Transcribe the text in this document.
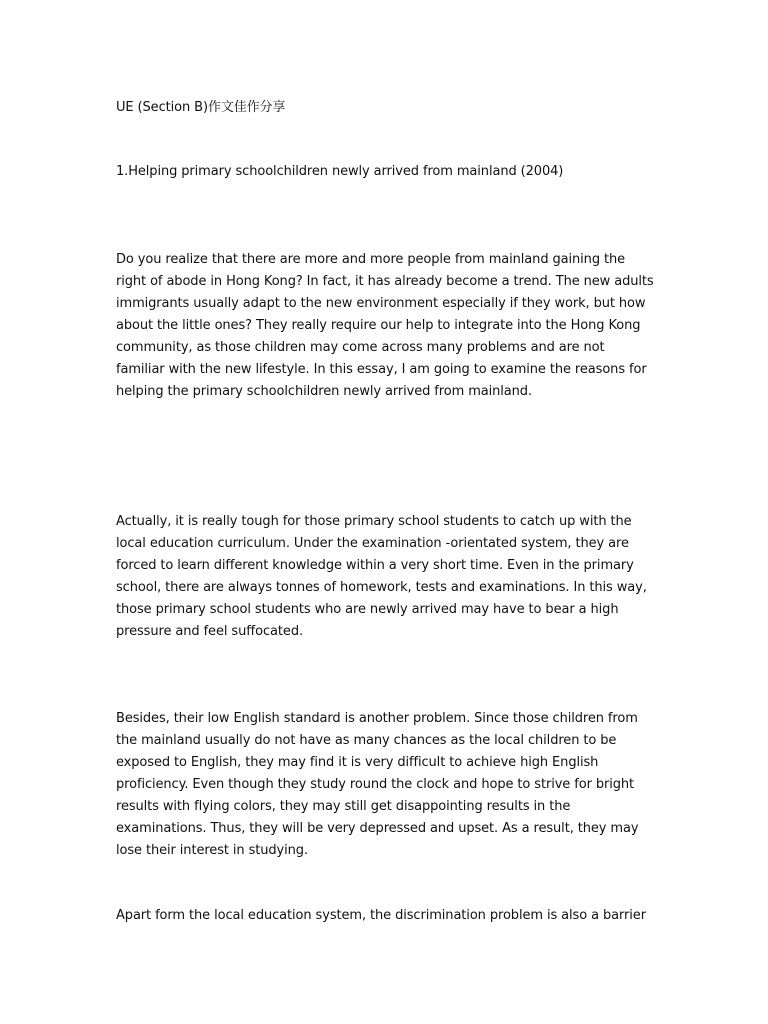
UE (Section B)作文佳作分享

1.Helping primary schoolchildren newly arrived from mainland (2004)

Do you realize that there are more and more people from mainland gaining the right of abode in Hong Kong? In fact, it has already become a trend. The new adults immigrants usually adapt to the new environment especially if they work, but how about the little ones? They really require our help to integrate into the Hong Kong community, as those children may come across many problems and are not familiar with the new lifestyle. In this essay, I am going to examine the reasons for helping the primary schoolchildren newly arrived from mainland.

Actually, it is really tough for those primary school students to catch up with the local education curriculum. Under the examination -orientated system, they are forced to learn different knowledge within a very short time. Even in the primary school, there are always tonnes of homework, tests and examinations. In this way, those primary school students who are newly arrived may have to bear a high pressure and feel suffocated.

Besides, their low English standard is another problem. Since those children from the mainland usually do not have as many chances as the local children to be exposed to English, they may find it is very difficult to achieve high English proficiency. Even though they study round the clock and hope to strive for bright results with flying colors, they may still get disappointing results in the examinations. Thus, they will be very depressed and upset. As a result, they may lose their interest in studying.

Apart form the local education system, the discrimination problem is also a barrier
